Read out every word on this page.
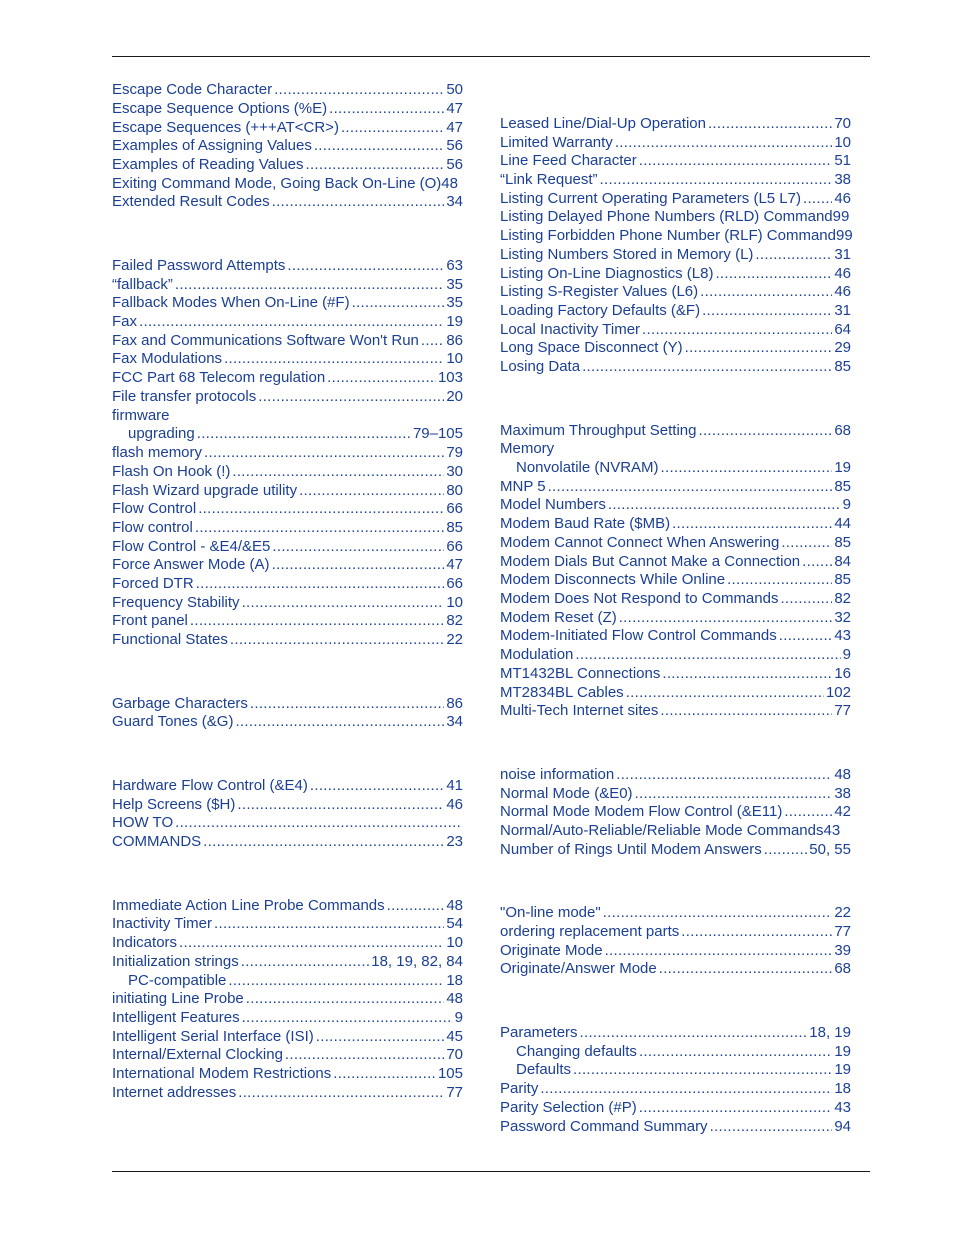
Escape Code Character .....	50
Escape Sequence Options (%E) .....	47
Escape Sequences (+++AT<CR>) .....	47
Examples of Assigning Values .....	56
Examples of Reading Values .....	56
Exiting Command Mode, Going Back On-Line (O)48
Extended Result Codes .....	34
Failed Password Attempts .....	63
“fallback” .....	35
Fallback Modes When On-Line (#F) .....	35
Fax .....	19
Fax and Communications Software Won't Run ..... 86
Fax Modulations .....	10
FCC Part 68 Telecom regulation .....	103
File transfer protocols .....	20
firmware
upgrading .....	79–105
flash memory .....	79
Flash On Hook (!) .....	30
Flash Wizard upgrade utility .....	80
Flow Control .....	66
Flow control .....	85
Flow Control - &E4/&E5 .....	66
Force Answer Mode (A) .....	47
Forced DTR .....	66
Frequency Stability .....	10
Front panel .....	82
Functional States .....	22
Garbage Characters .....	86
Guard Tones (&G) .....	34
Hardware Flow Control (&E4) .....	41
Help Screens ($H) .....	46
HOW TO
.....
COMMANDS .....	23
Immediate Action Line Probe Commands .....	48
Inactivity Timer .....	54
Indicators .....	10
Initialization strings .....	18, 19, 82, 84
PC-compatible .....	18
initiating Line Probe .....	48
Intelligent Features .....	9
Intelligent Serial Interface (ISI) .....	45
Internal/External Clocking .....	70
International Modem Restrictions .....	105
Internet addresses .....	77
Leased Line/Dial-Up Operation .....	70
Limited Warranty .....	10
Line Feed Character .....	51
“Link Request” .....	38
Listing Current Operating Parameters (L5 L7) ..... 46
Listing Delayed Phone Numbers (RLD) Command99
Listing Forbidden Phone Number (RLF) Command99
Listing Numbers Stored in Memory (L) .....	31
Listing On-Line Diagnostics (L8) .....	46
Listing S-Register Values (L6) .....	46
Loading Factory Defaults (&F) .....	31
Local Inactivity Timer .....	64
Long Space Disconnect (Y) .....	29
Losing Data .....	85
Maximum Throughput Setting .....	68
Memory
Nonvolatile (NVRAM) .....	19
MNP 5 .....	85
Model Numbers .....	9
Modem Baud Rate ($MB) .....	44
Modem Cannot Connect When Answering .....	85
Modem Dials But Cannot Make a Connection ..... 84
Modem Disconnects While Online .....	85
Modem Does Not Respond to Commands .....	82
Modem Reset (Z) .....	32
Modem-Initiated Flow Control Commands .....	43
Modulation .....	9
MT1432BL Connections .....	16
MT2834BL Cables .....	102
Multi-Tech Internet sites .....	77
noise information .....	48
Normal Mode (&E0) .....	38
Normal Mode Modem Flow Control (&E11) .....	42
Normal/Auto-Reliable/Reliable Mode Commands43
Number of Rings Until Modem Answers .....	50, 55
"On-line mode" .....	22
ordering replacement parts .....	77
Originate Mode .....	39
Originate/Answer Mode .....	68
Parameters .....	18, 19
Changing defaults .....	19
Defaults .....	19
Parity .....	18
Parity Selection (#P) .....	43
Password Command Summary .....	94
